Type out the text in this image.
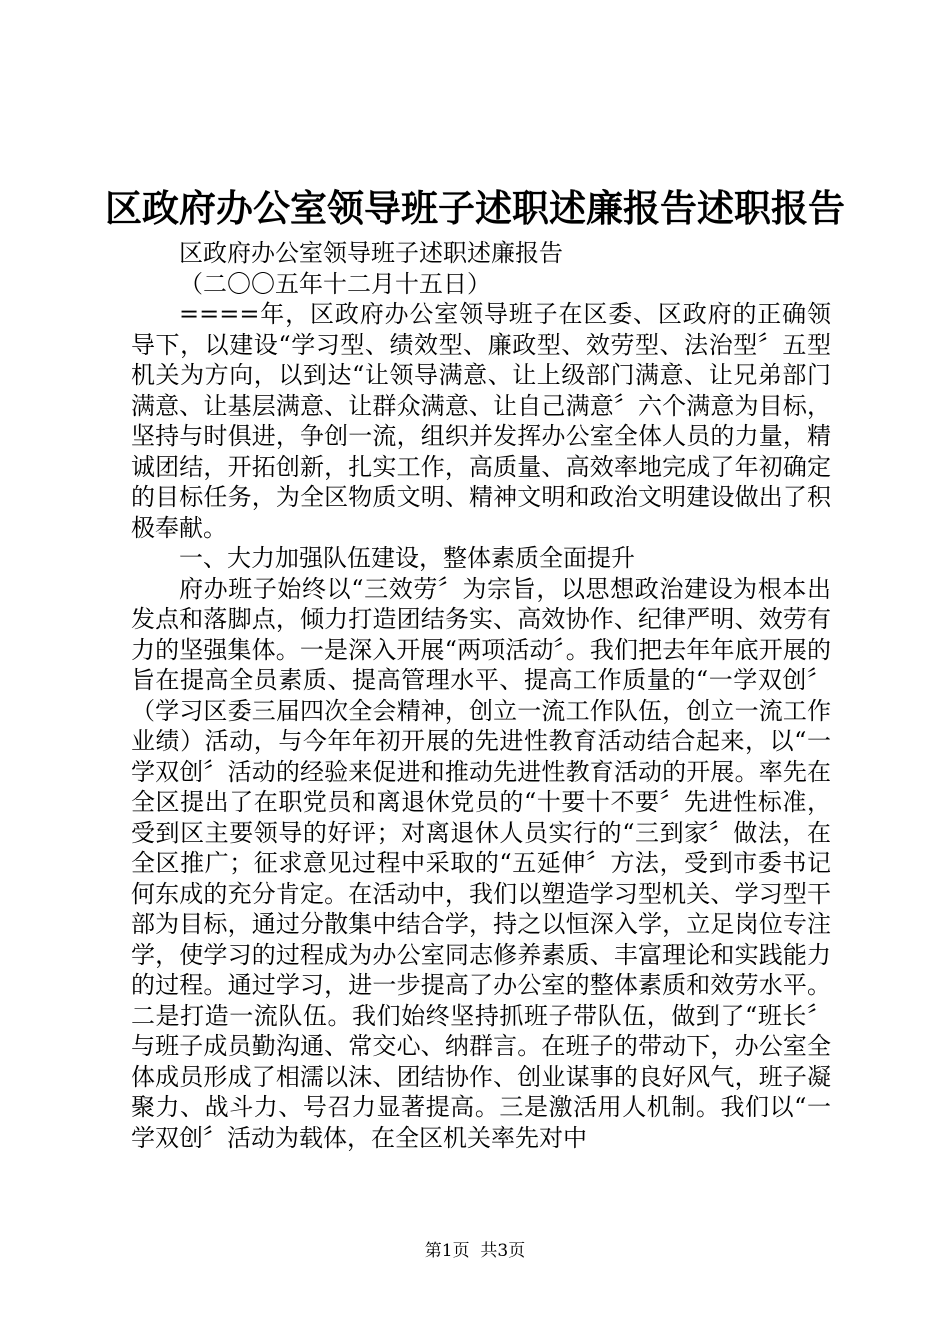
区政府办公室领导班子述职述廉报告述职报告

区政府办公室领导班子述职述廉报告

（二〇〇五年十二月十五日）

====年，区政府办公室领导班子在区委、区政府的正确领导下，以建设“学习型、绩效型、廉政型、效劳型、法治型〞五型机关为方向，以到达“让领导满意、让上级部门满意、让兄弟部门满意、让基层满意、让群众满意、让自己满意〞六个满意为目标，坚持与时俱进，争创一流，组织并发挥办公室全体人员的力量，精诚团结，开拓创新，扎实工作，高质量、高效率地完成了年初确定的目标任务，为全区物质文明、精神文明和政治文明建设做出了积极奉献。

一、大力加强队伍建设，整体素质全面提升

府办班子始终以“三效劳〞为宗旨，以思想政治建设为根本出发点和落脚点，倾力打造团结务实、高效协作、纪律严明、效劳有力的坚强集体。一是深入开展“两项活动〞。我们把去年年底开展的旨在提高全员素质、提高管理水平、提高工作质量的“一学双创〞（学习区委三届四次全会精神，创立一流工作队伍，创立一流工作业绩）活动，与今年年初开展的先进性教育活动结合起来，以“一学双创〞活动的经验来促进和推动先进性教育活动的开展。率先在全区提出了在职党员和离退休党员的“十要十不要〞先进性标准，受到区主要领导的好评；对离退休人员实行的“三到家〞做法，在全区推广；征求意见过程中采取的“五延伸〞方法，受到市委书记何东成的充分肯定。在活动中，我们以塑造学习型机关、学习型干部为目标，通过分散集中结合学，持之以恒深入学，立足岗位专注学，使学习的过程成为办公室同志修养素质、丰富理论和实践能力的过程。通过学习，进一步提高了办公室的整体素质和效劳水平。二是打造一流队伍。我们始终坚持抓班子带队伍，做到了“班长〞与班子成员勤沟通、常交心、纳群言。在班子的带动下，办公室全体成员形成了相濡以沫、团结协作、创业谋事的良好风气，班子凝聚力、战斗力、号召力显著提高。三是激活用人机制。我们以“一学双创〞活动为载体，在全区机关率先对中

第1页  共3页
